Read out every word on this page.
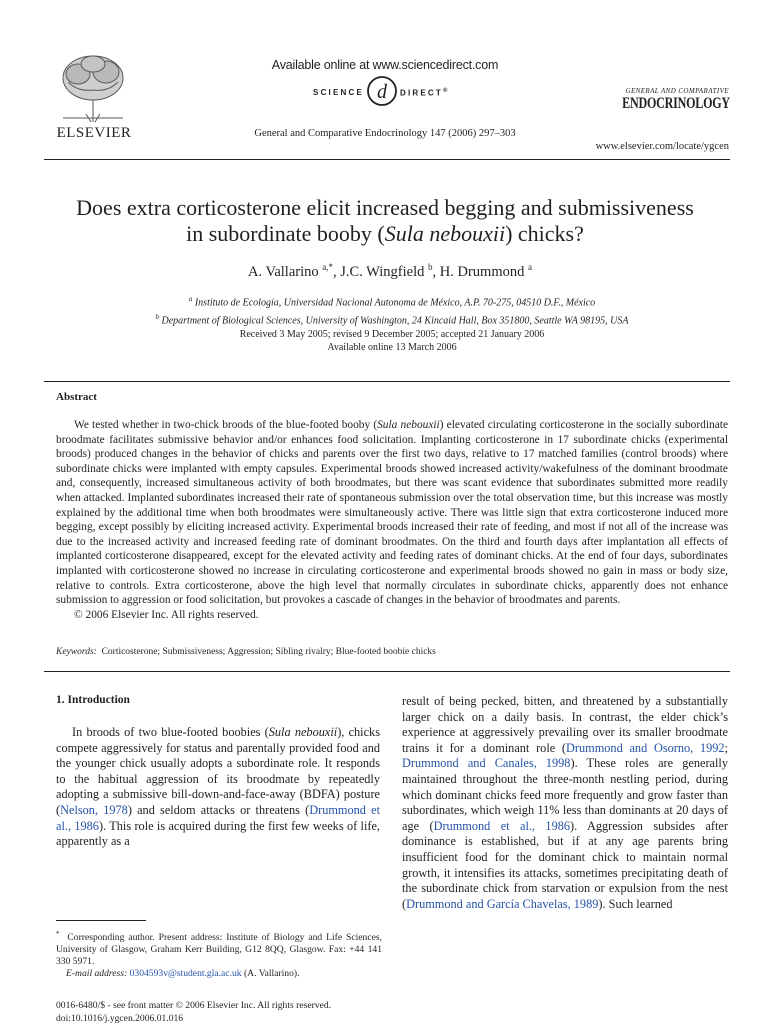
ELSEVIER
Available online at www.sciencedirect.com
SCIENCE d DIRECT®
General and Comparative Endocrinology 147 (2006) 297–303
GENERAL AND COMPARATIVE
ENDOCRINOLOGY
www.elsevier.com/locate/ygcen
Does extra corticosterone elicit increased begging and submissiveness
in subordinate booby (Sula nebouxii) chicks?
A. Vallarino $^{a,*}$, J.C. Wingfield $^b$, H. Drummond $^a$
$^a$ Instituto de Ecología, Universidad Nacional Autonoma de México, A.P. 70-275, 04510 D.F., México
$^b$ Department of Biological Sciences, University of Washington, 24 Kincaid Hall, Box 351800, Seattle WA 98195, USA
Received 3 May 2005; revised 9 December 2005; accepted 21 January 2006
Available online 13 March 2006
Abstract

We tested whether in two-chick broods of the blue-footed booby (Sula nebouxii) elevated circulating corticosterone in the socially subordinate broodmate facilitates submissive behavior and/or enhances food solicitation. Implanting corticosterone in 17 subordinate chicks (experimental broods) produced changes in the behavior of chicks and parents over the first two days, relative to 17 matched families (control broods) where subordinate chicks were implanted with empty capsules. Experimental broods showed increased activity/wakefulness of the dominant broodmate and, consequently, increased simultaneous activity of both broodmates, but there was scant evidence that subordinates submitted more readily when attacked. Implanted subordinates increased their rate of spontaneous submission over the total observation time, but this increase was mostly explained by the additional time when both broodmates were simultaneously active. There was little sign that extra corticosterone induced more begging, except possibly by eliciting increased activity. Experimental broods increased their rate of feeding, and most if not all of the increase was due to the increased activity and increased feeding rate of dominant broodmates. On the third and fourth days after implantation all effects of implanted corticosterone disappeared, except for the elevated activity and feeding rates of dominant chicks. At the end of four days, subordinates implanted with corticosterone showed no increase in circulating corticosterone and experimental broods showed no gain in mass or body size, relative to controls. Extra corticosterone, above the high level that normally circulates in subordinate chicks, apparently does not enhance submission to aggression or food solicitation, but provokes a cascade of changes in the behavior of broodmates and parents.

© 2006 Elsevier Inc. All rights reserved.

Keywords: Corticosterone; Submissiveness; Aggression; Sibling rivalry; Blue-footed boobie chicks
1. Introduction

In broods of two blue-footed boobies (Sula nebouxii), chicks compete aggressively for status and parentally provided food and the younger chick usually adopts a subordinate role. It responds to the habitual aggression of its broodmate by repeatedly adopting a submissive bill-down-and-face-away (BDFA) posture (Nelson, 1978) and seldom attacks or threatens (Drummond et al., 1986). This role is acquired during the first few weeks of life, apparently as a

result of being pecked, bitten, and threatened by a substantially larger chick on a daily basis. In contrast, the elder chick’s experience at aggressively prevailing over its smaller broodmate trains it for a dominant role (Drummond and Osorno, 1992; Drummond and Canales, 1998). These roles are generally maintained throughout the three-month nestling period, during which dominant chicks feed more frequently and grow faster than subordinates, which weigh 11% less than dominants at 20 days of age (Drummond et al., 1986). Aggression subsides after dominance is established, but if at any age parents bring insufficient food for the dominant chick to maintain normal growth, it intensifies its attacks, sometimes precipitating death of the subordinate chick from starvation or expulsion from the nest (Drummond and García Chavelas, 1989). Such learned

* Corresponding author. Present address: Institute of Biology and Life Sciences, University of Glasgow, Graham Kerr Building, G12 8QQ, Glasgow. Fax: +44 141 330 5971.

E-mail address: 0304593v@student.gla.ac.uk (A. Vallarino).

0016-6480/$ - see front matter © 2006 Elsevier Inc. All rights reserved.
doi:10.1016/j.ygcen.2006.01.016
